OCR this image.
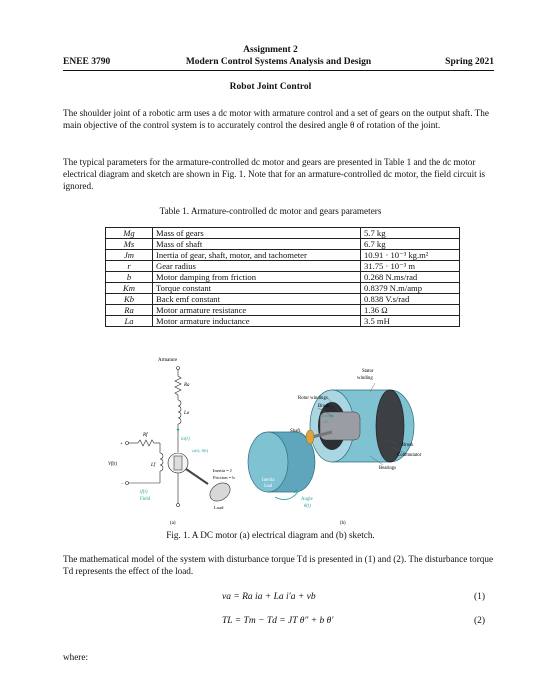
Assignment 2
Modern Control Systems Analysis and Design
ENEE 3790	Spring 2021
Robot Joint Control
The shoulder joint of a robotic arm uses a dc motor with armature control and a set of gears on the output shaft. The main objective of the control system is to accurately control the desired angle θ of rotation of the joint.
The typical parameters for the armature-controlled dc motor and gears are presented in Table 1 and the dc motor electrical diagram and sketch are shown in Fig. 1. Note that for an armature-controlled dc motor, the field circuit is ignored.
Table 1. Armature-controlled dc motor and gears parameters
Mg	Mass of gears	5.7 kg
Ms	Mass of shaft	6.7 kg
Jm	Inertia of gear, shaft, motor, and tachometer	10.91 · 10⁻³ kg.m²
r	Gear radius	31.75 · 10⁻³ m
b	Motor damping from friction	0.268 N.ms/rad
Km	Torque constant	0.8379 N.m/amp
Kb	Back emf constant	0.838 V.s/rad
Ra	Motor armature resistance	1.36 Ω
La	Motor armature inductance	3.5 mH
Armature
Ra
La
ia(t)
ω(t), θ(t)
Inertia = J
Friction = b
Load
+
Rf
Lf
−
Vf(t)
if(t)
Field
(a)
Stator
winding
Rotor windings
Brush
Shaft
ia
Brush
Commutator
Bearings
Inertia
load
Angle
θ(t)
(b)
Fig. 1. A DC motor (a) electrical diagram and (b) sketch.
The mathematical model of the system with disturbance torque Td is presented in (1) and (2). The disturbance torque Td represents the effect of the load.
va = Ra ia + La i′a + vb	(1)
TL = Tm − Td = JT θ″ + b θ′	(2)
where:
